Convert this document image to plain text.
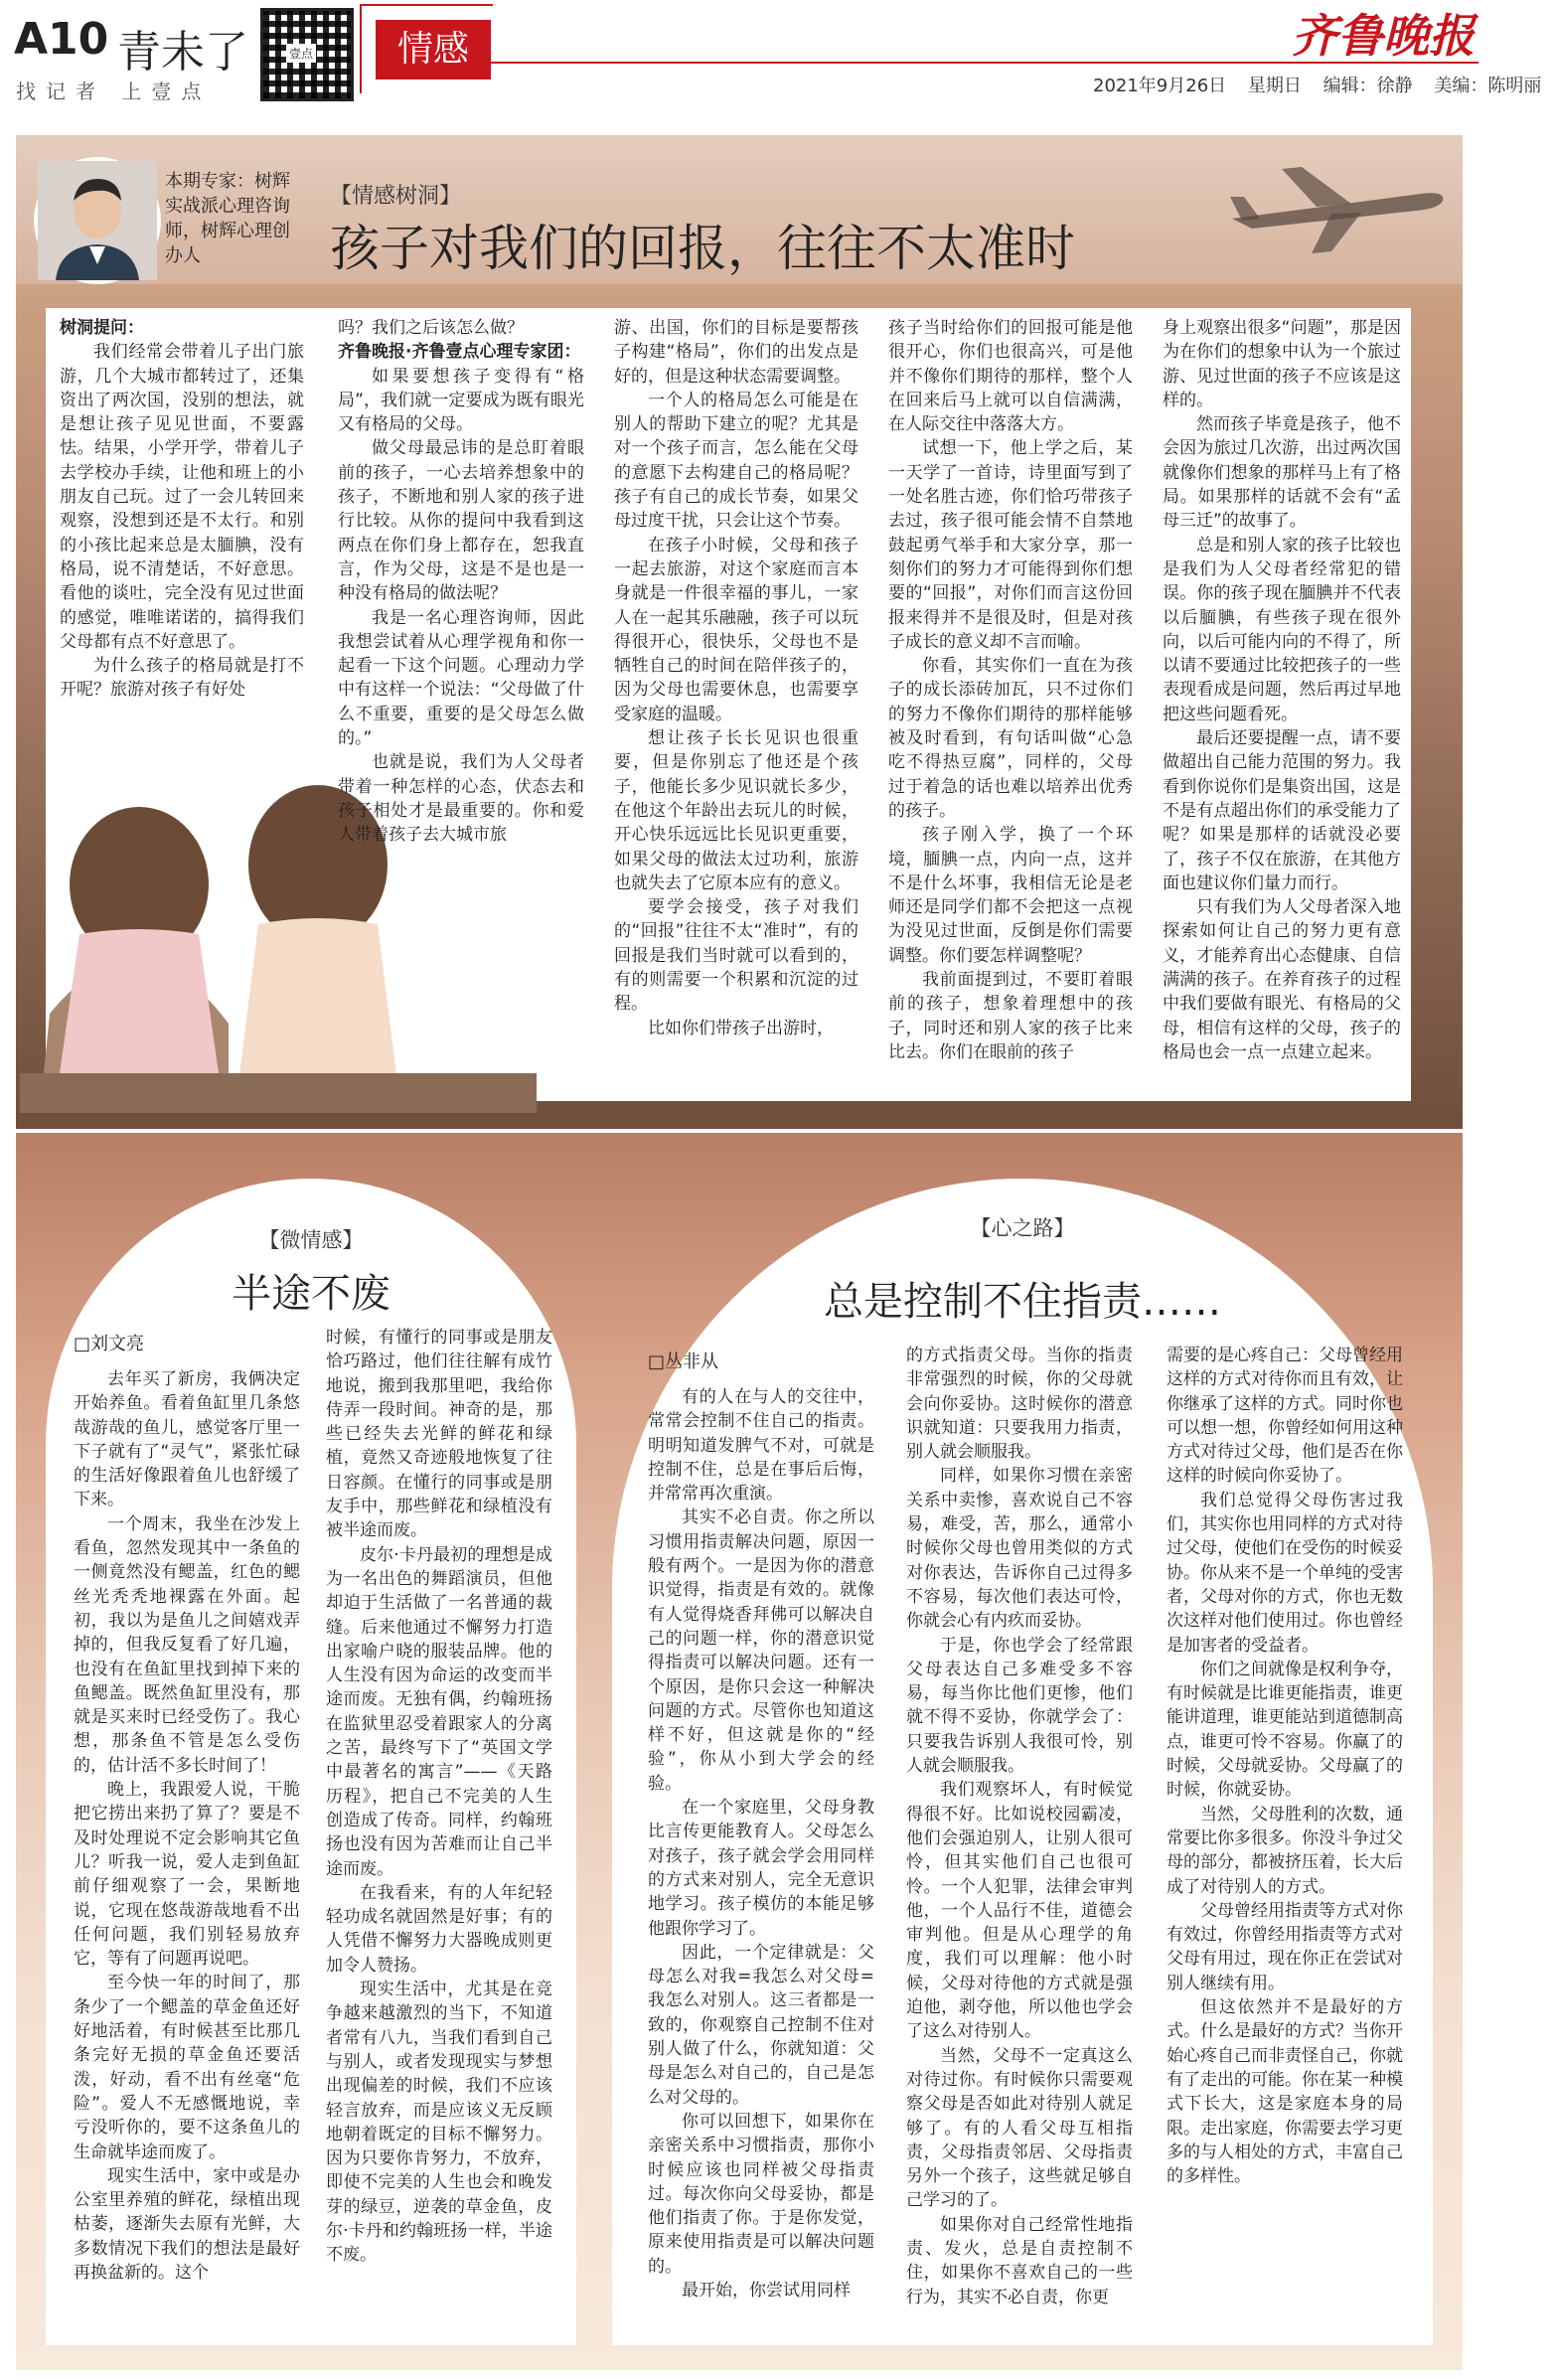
A10 青未了
找记者 上壹点
壹点	情感	齐鲁晚报
2021年9月26日 星期日 编辑：徐静 美编：陈明丽
本期专家：树辉实战派心理咨询师，树辉心理创办人
【情感树洞】
孩子对我们的回报，往往不太准时

树洞提问：

我们经常会带着儿子出门旅游，几个大城市都转过了，还集资出了两次国，没别的想法，就是想让孩子见见世面，不要露怯。结果，小学开学，带着儿子去学校办手续，让他和班上的小朋友自己玩。过了一会儿转回来观察，没想到还是不太行。和别的小孩比起来总是太腼腆，没有格局，说不清楚话，不好意思。看他的谈吐，完全没有见过世面的感觉，唯唯诺诺的，搞得我们父母都有点不好意思了。

为什么孩子的格局就是打不开呢？旅游对孩子有好处

吗？我们之后该怎么做？

齐鲁晚报·齐鲁壹点心理专家团：

如果要想孩子变得有“格局”，我们就一定要成为既有眼光又有格局的父母。

做父母最忌讳的是总盯着眼前的孩子，一心去培养想象中的孩子，不断地和别人家的孩子进行比较。从你的提问中我看到这两点在你们身上都存在，恕我直言，作为父母，这是不是也是一种没有格局的做法呢？

我是一名心理咨询师，因此我想尝试着从心理学视角和你一起看一下这个问题。心理动力学中有这样一个说法：“父母做了什么不重要，重要的是父母怎么做的。”

也就是说，我们为人父母者带着一种怎样的心态，伏态去和孩子相处才是最重要的。你和爱人带着孩子去大城市旅

游、出国，你们的目标是要帮孩子构建“格局”，你们的出发点是好的，但是这种状态需要调整。

一个人的格局怎么可能是在别人的帮助下建立的呢？尤其是对一个孩子而言，怎么能在父母的意愿下去构建自己的格局呢？孩子有自己的成长节奏，如果父母过度干扰，只会让这个节奏。

在孩子小时候，父母和孩子一起去旅游，对这个家庭而言本身就是一件很幸福的事儿，一家人在一起其乐融融，孩子可以玩得很开心，很快乐，父母也不是牺牲自己的时间在陪伴孩子的，因为父母也需要休息，也需要享受家庭的温暖。

想让孩子长长见识也很重要，但是你别忘了他还是个孩子，他能长多少见识就长多少，在他这个年龄出去玩儿的时候，开心快乐远远比长见识更重要，如果父母的做法太过功利，旅游也就失去了它原本应有的意义。

要学会接受，孩子对我们的“回报”往往不太“准时”，有的回报是我们当时就可以看到的，有的则需要一个积累和沉淀的过程。

比如你们带孩子出游时，

孩子当时给你们的回报可能是他很开心，你们也很高兴，可是他并不像你们期待的那样，整个人在回来后马上就可以自信满满，在人际交往中落落大方。

试想一下，他上学之后，某一天学了一首诗，诗里面写到了一处名胜古迹，你们恰巧带孩子去过，孩子很可能会情不自禁地鼓起勇气举手和大家分享，那一刻你们的努力才可能得到你们想要的“回报”，对你们而言这份回报来得并不是很及时，但是对孩子成长的意义却不言而喻。

你看，其实你们一直在为孩子的成长添砖加瓦，只不过你们的努力不像你们期待的那样能够被及时看到，有句话叫做“心急吃不得热豆腐”，同样的，父母过于着急的话也难以培养出优秀的孩子。

孩子刚入学，换了一个环境，腼腆一点，内向一点，这并不是什么坏事，我相信无论是老师还是同学们都不会把这一点视为没见过世面，反倒是你们需要调整。你们要怎样调整呢？

我前面提到过，不要盯着眼前的孩子，想象着理想中的孩子，同时还和别人家的孩子比来比去。你们在眼前的孩子

身上观察出很多“问题”，那是因为在你们的想象中认为一个旅过游、见过世面的孩子不应该是这样的。

然而孩子毕竟是孩子，他不会因为旅过几次游，出过两次国就像你们想象的那样马上有了格局。如果那样的话就不会有“孟母三迁”的故事了。

总是和别人家的孩子比较也是我们为人父母者经常犯的错误。你的孩子现在腼腆并不代表以后腼腆，有些孩子现在很外向，以后可能内向的不得了，所以请不要通过比较把孩子的一些表现看成是问题，然后再过早地把这些问题看死。

最后还要提醒一点，请不要做超出自己能力范围的努力。我看到你说你们是集资出国，这是不是有点超出你们的承受能力了呢？如果是那样的话就没必要了，孩子不仅在旅游，在其他方面也建议你们量力而行。

只有我们为人父母者深入地探索如何让自己的努力更有意义，才能养育出心态健康、自信满满的孩子。在养育孩子的过程中我们要做有眼光、有格局的父母，相信有这样的父母，孩子的格局也会一点一点建立起来。

【微情感】
半途不废
□刘文亮

去年买了新房，我俩决定开始养鱼。看着鱼缸里几条悠哉游哉的鱼儿，感觉客厅里一下子就有了“灵气”，紧张忙碌的生活好像跟着鱼儿也舒缓了下来。

一个周末，我坐在沙发上看鱼，忽然发现其中一条鱼的一侧竟然没有鳃盖，红色的鳃丝光秃秃地裸露在外面。起初，我以为是鱼儿之间嬉戏弄掉的，但我反复看了好几遍，也没有在鱼缸里找到掉下来的鱼鳃盖。既然鱼缸里没有，那就是买来时已经受伤了。我心想，那条鱼不管是怎么受伤的，估计活不多长时间了！

晚上，我跟爱人说，干脆把它捞出来扔了算了？要是不及时处理说不定会影响其它鱼儿？听我一说，爱人走到鱼缸前仔细观察了一会，果断地说，它现在悠哉游哉地看不出任何问题，我们别轻易放弃它，等有了问题再说吧。

至今快一年的时间了，那条少了一个鳃盖的草金鱼还好好地活着，有时候甚至比那几条完好无损的草金鱼还要活泼，好动，看不出有丝毫“危险”。爱人不无感慨地说，幸亏没听你的，要不这条鱼儿的生命就毕途而废了。

现实生活中，家中或是办公室里养殖的鲜花，绿植出现枯萎，逐渐失去原有光鲜，大多数情况下我们的想法是最好再换盆新的。这个

时候，有懂行的同事或是朋友恰巧路过，他们往往解有成竹地说，搬到我那里吧，我给你侍弄一段时间。神奇的是，那些已经失去光鲜的鲜花和绿植，竟然又奇迹般地恢复了往日容颜。在懂行的同事或是朋友手中，那些鲜花和绿植没有被半途而废。

皮尔·卡丹最初的理想是成为一名出色的舞蹈演员，但他却迫于生活做了一名普通的裁缝。后来他通过不懈努力打造出家喻户晓的服装品牌。他的人生没有因为命运的改变而半途而废。无独有偶，约翰班扬在监狱里忍受着跟家人的分离之苦，最终写下了“英国文学中最著名的寓言”——《天路历程》，把自己不完美的人生创造成了传奇。同样，约翰班扬也没有因为苦难而让自己半途而废。

在我看来，有的人年纪轻轻功成名就固然是好事；有的人凭借不懈努力大器晚成则更加令人赞扬。

现实生活中，尤其是在竞争越来越激烈的当下，不知道者常有八九，当我们看到自己与别人，或者发现现实与梦想出现偏差的时候，我们不应该轻言放弃，而是应该义无反顾地朝着既定的目标不懈努力。因为只要你肯努力，不放弃，即使不完美的人生也会和晚发芽的绿豆，逆袭的草金鱼，皮尔·卡丹和约翰班扬一样，半途不废。

【心之路】
总是控制不住指责……
□丛非从

有的人在与人的交往中，常常会控制不住自己的指责。明明知道发脾气不对，可就是控制不住，总是在事后后悔，并常常再次重演。

其实不必自责。你之所以习惯用指责解决问题，原因一般有两个。一是因为你的潜意识觉得，指责是有效的。就像有人觉得烧香拜佛可以解决自己的问题一样，你的潜意识觉得指责可以解决问题。还有一个原因，是你只会这一种解决问题的方式。尽管你也知道这样不好，但这就是你的“经验”，你从小到大学会的经验。

在一个家庭里，父母身教比言传更能教育人。父母怎么对孩子，孩子就会学会用同样的方式来对别人，完全无意识地学习。孩子模仿的本能足够他跟你学习了。

因此，一个定律就是：父母怎么对我=我怎么对父母=我怎么对别人。这三者都是一致的，你观察自己控制不住对别人做了什么，你就知道：父母是怎么对自己的，自己是怎么对父母的。

你可以回想下，如果你在亲密关系中习惯指责，那你小时候应该也同样被父母指责过。每次你向父母妥协，都是他们指责了你。于是你发觉，原来使用指责是可以解决问题的。

最开始，你尝试用同样

的方式指责父母。当你的指责非常强烈的时候，你的父母就会向你妥协。这时候你的潜意识就知道：只要我用力指责，别人就会顺服我。

同样，如果你习惯在亲密关系中卖惨，喜欢说自己不容易，难受，苦，那么，通常小时候你父母也曾用类似的方式对你表达，告诉你自己过得多不容易，每次他们表达可怜，你就会心有内疚而妥协。

于是，你也学会了经常跟父母表达自己多难受多不容易，每当你比他们更惨，他们就不得不妥协，你就学会了：只要我告诉别人我很可怜，别人就会顺服我。

我们观察坏人，有时候觉得很不好。比如说校园霸凌，他们会强迫别人，让别人很可怜，但其实他们自己也很可怜。一个人犯罪，法律会审判他，一个人品行不佳，道德会审判他。但是从心理学的角度，我们可以理解：他小时候，父母对待他的方式就是强迫他，剥夺他，所以他也学会了这么对待别人。

当然，父母不一定真这么对待过你。有时候你只需要观察父母是否如此对待别人就足够了。有的人看父母互相指责，父母指责邻居、父母指责另外一个孩子，这些就足够自己学习的了。

如果你对自己经常性地指责、发火，总是自责控制不住，如果你不喜欢自己的一些行为，其实不必自责，你更

需要的是心疼自己：父母曾经用这样的方式对待你而且有效，让你继承了这样的方式。同时你也可以想一想，你曾经如何用这种方式对待过父母，他们是否在你这样的时候向你妥协了。

我们总觉得父母伤害过我们，其实你也用同样的方式对待过父母，使他们在受伤的时候妥协。你从来不是一个单纯的受害者，父母对你的方式，你也无数次这样对他们使用过。你也曾经是加害者的受益者。

你们之间就像是权利争夺，有时候就是比谁更能指责，谁更能讲道理，谁更能站到道德制高点，谁更可怜不容易。你赢了的时候，父母就妥协。父母赢了的时候，你就妥协。

当然，父母胜利的次数，通常要比你多很多。你没斗争过父母的部分，都被挤压着，长大后成了对待别人的方式。

父母曾经用指责等方式对你有效过，你曾经用指责等方式对父母有用过，现在你正在尝试对别人继续有用。

但这依然并不是最好的方式。什么是最好的方式？当你开始心疼自己而非责怪自己，你就有了走出的可能。你在某一种模式下长大，这是家庭本身的局限。走出家庭，你需要去学习更多的与人相处的方式，丰富自己的多样性。
